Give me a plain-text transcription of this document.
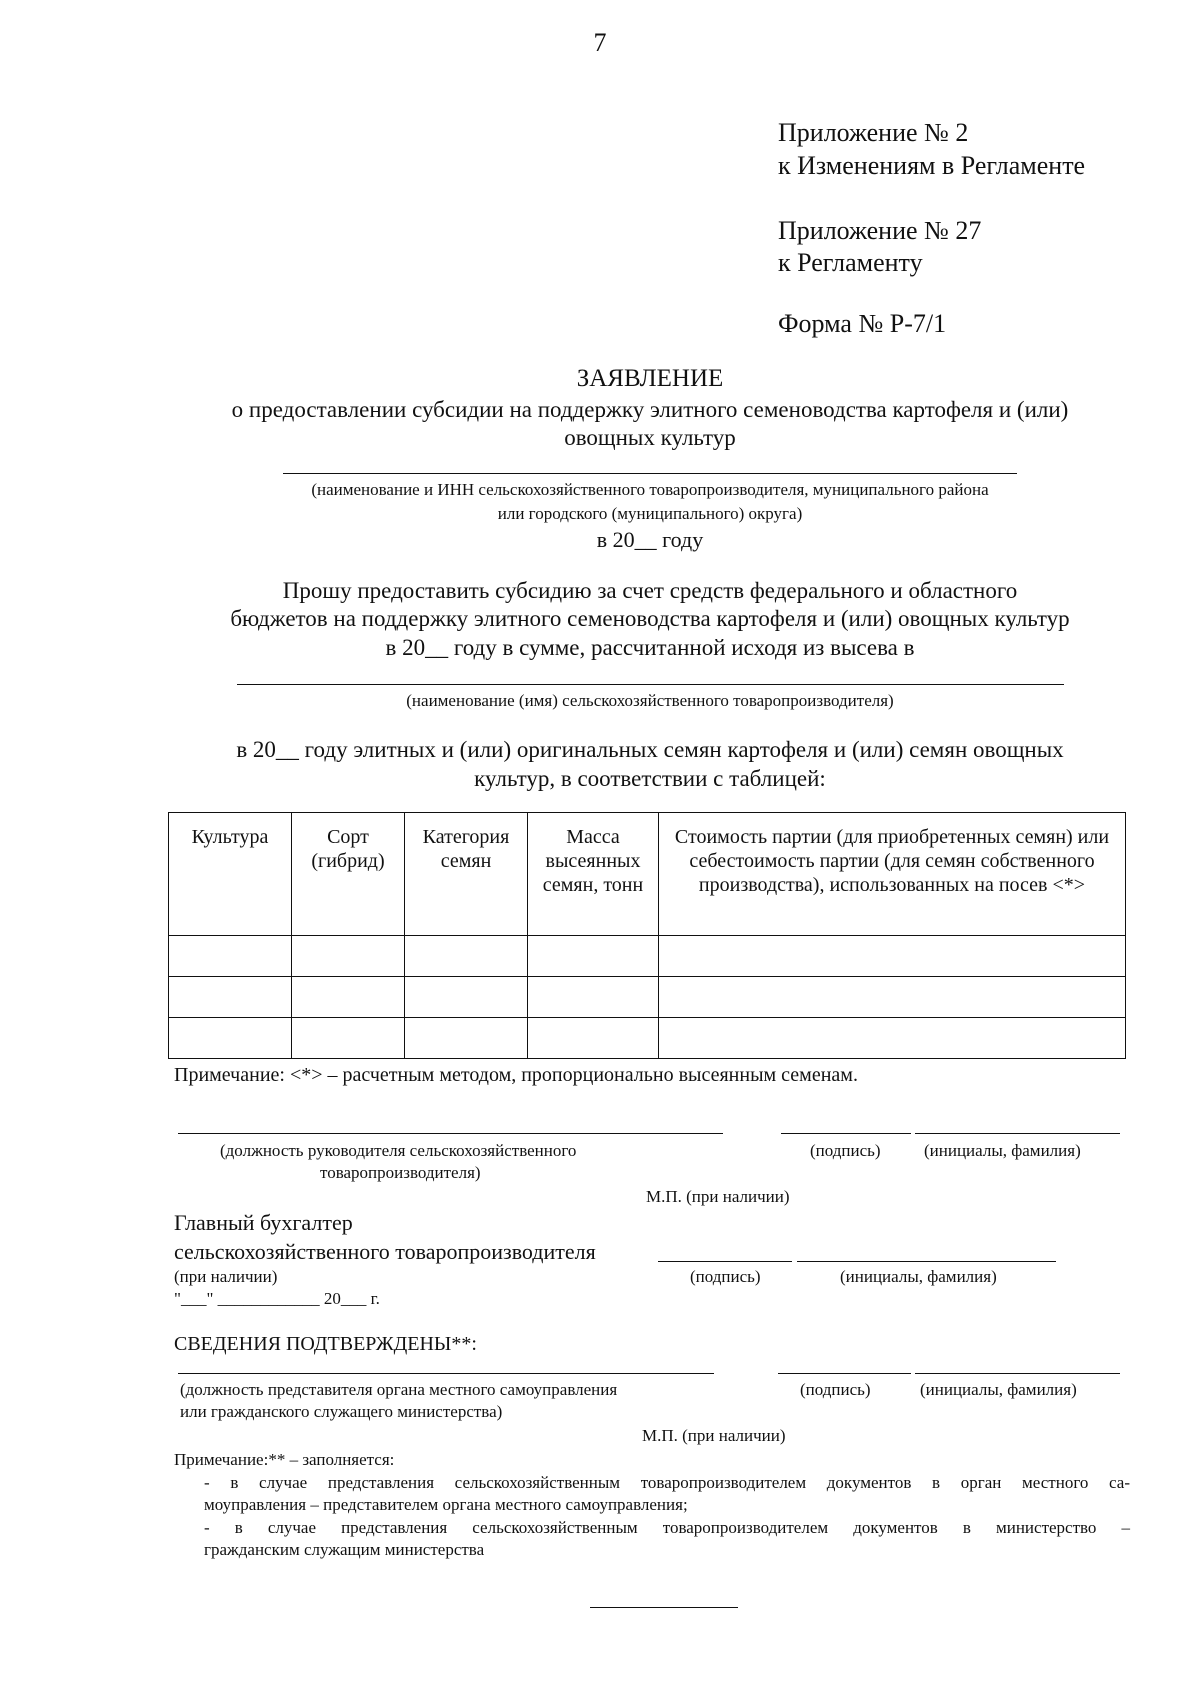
7
Приложение № 2
к Изменениям в Регламенте
Приложение № 27
к Регламенту
Форма № Р-7/1
ЗАЯВЛЕНИЕ
о предоставлении субсидии на поддержку элитного семеноводства картофеля и (или)
овощных культур
(наименование и ИНН сельскохозяйственного товаропроизводителя, муниципального района
или городского (муниципального) округа)
в 20__ году
Прошу предоставить субсидию за счет средств федерального и областного
бюджетов на поддержку элитного семеноводства картофеля и (или) овощных культур
в 20__ году в сумме, рассчитанной исходя из высева в
(наименование (имя) сельскохозяйственного товаропроизводителя)
в 20__ году элитных и (или) оригинальных семян картофеля и (или) семян овощных
культур, в соответствии с таблицей:
Культура	Сорт (гибрид)	Категория семян	Масса высеянных семян, тонн	Стоимость партии (для приобретенных семян) или себестоимость партии (для семян собственного производства), использованных на посев <*>

Примечание: <*> – расчетным методом, пропорционально высеянным семенам.
(должность руководителя сельскохозяйственного
товаропроизводителя)
(подпись)	(инициалы, фамилия)
М.П. (при наличии)
Главный бухгалтер
сельскохозяйственного товаропроизводителя
(при наличии)	(подпись)	(инициалы, фамилия)
"___" ____________ 20___ г.
СВЕДЕНИЯ ПОДТВЕРЖДЕНЫ**:
(должность представителя органа местного самоуправления
или гражданского служащего министерства)
(подпись)	(инициалы, фамилия)
М.П. (при наличии)
Примечание:** – заполняется:
- в случае представления сельскохозяйственным товаропроизводителем документов в орган местного са-
моуправления – представителем органа местного самоуправления;
- в случае представления сельскохозяйственным товаропроизводителем документов в министерство –
гражданским служащим министерства
